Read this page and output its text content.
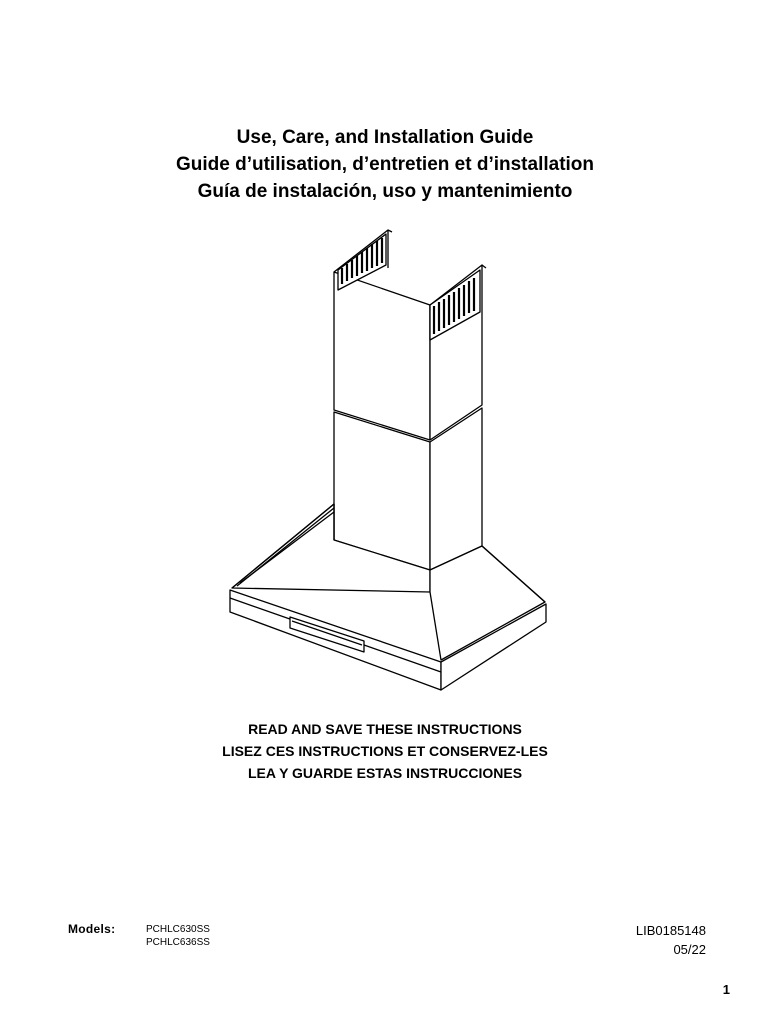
Use, Care, and Installation Guide
Guide d’utilisation, d’entretien et d’installation
Guía de instalación, uso y mantenimiento
READ AND SAVE THESE INSTRUCTIONS
LISEZ CES INSTRUCTIONS ET CONSERVEZ-LES
LEA Y GUARDE ESTAS INSTRUCCIONES
Models:	PCHLC630SS
PCHLC636SS
LIB0185148
05/22
1
